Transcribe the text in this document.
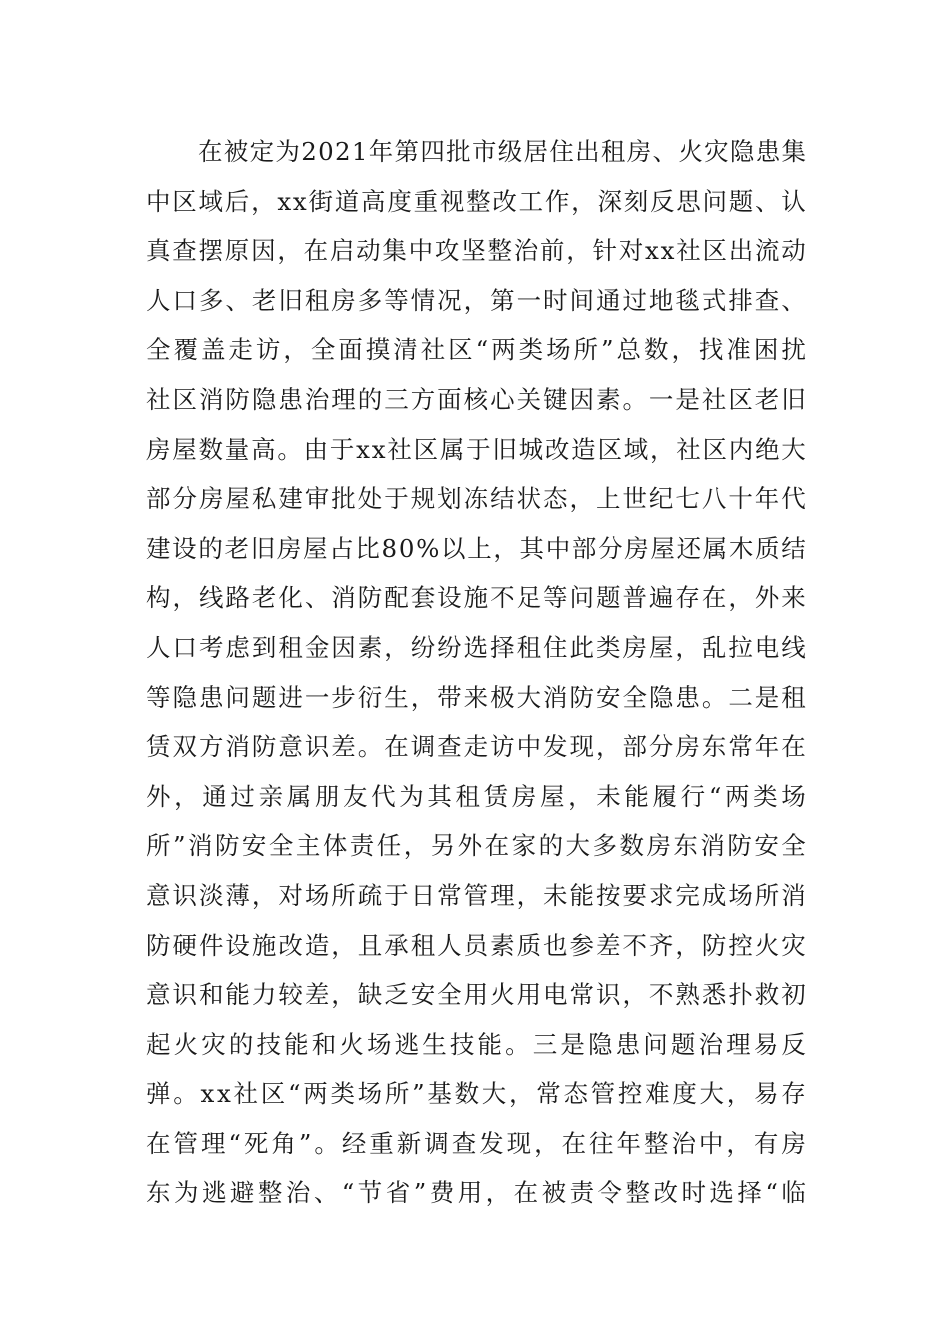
在 被 定 为 2 0 2 1 年 第 四 批 市 级 居 住 出 租 房 、 火 灾 隐 患 集
中 区 域 后 ， x x 街 道 高 度 重 视 整 改 工 作 ， 深 刻 反 思 问 题 、 认
真 查 摆 原 因 ， 在 启 动 集 中 攻 坚 整 治 前 ， 针 对 x x 社 区 出 流 动
人 口 多 、 老 旧 租 房 多 等 情 况 ， 第 一 时 间 通 过 地 毯 式 排 查 、
全 覆 盖 走 访 ， 全 面 摸 清 社 区 “ 两 类 场 所 ” 总 数 ， 找 准 困 扰
社 区 消 防 隐 患 治 理 的 三 方 面 核 心 关 键 因 素 。 一 是 社 区 老 旧
房 屋 数 量 高 。 由 于 x x 社 区 属 于 旧 城 改 造 区 域 ， 社 区 内 绝 大
部 分 房 屋 私 建 审 批 处 于 规 划 冻 结 状 态 ， 上 世 纪 七 八 十 年 代
建 设 的 老 旧 房 屋 占 比 8 0 % 以 上 ， 其 中 部 分 房 屋 还 属 木 质 结
构 ， 线 路 老 化 、 消 防 配 套 设 施 不 足 等 问 题 普 遍 存 在 ， 外 来
人 口 考 虑 到 租 金 因 素 ， 纷 纷 选 择 租 住 此 类 房 屋 ， 乱 拉 电 线
等 隐 患 问 题 进 一 步 衍 生 ， 带 来 极 大 消 防 安 全 隐 患 。 二 是 租
赁 双 方 消 防 意 识 差 。 在 调 查 走 访 中 发 现 ， 部 分 房 东 常 年 在
外 ， 通 过 亲 属 朋 友 代 为 其 租 赁 房 屋 ， 未 能 履 行 “ 两 类 场
所 ” 消 防 安 全 主 体 责 任 ， 另 外 在 家 的 大 多 数 房 东 消 防 安 全
意 识 淡 薄 ， 对 场 所 疏 于 日 常 管 理 ， 未 能 按 要 求 完 成 场 所 消
防 硬 件 设 施 改 造 ， 且 承 租 人 员 素 质 也 参 差 不 齐 ， 防 控 火 灾
意 识 和 能 力 较 差 ， 缺 乏 安 全 用 火 用 电 常 识 ， 不 熟 悉 扑 救 初
起 火 灾 的 技 能 和 火 场 逃 生 技 能 。 三 是 隐 患 问 题 治 理 易 反
弹 。 x x 社 区 “ 两 类 场 所 ” 基 数 大 ， 常 态 管 控 难 度 大 ， 易 存
在 管 理 “ 死 角 ” 。 经 重 新 调 查 发 现 ， 在 往 年 整 治 中 ， 有 房
东 为 逃 避 整 治 、 “ 节 省 ” 费 用 ， 在 被 责 令 整 改 时 选 择 “ 临
